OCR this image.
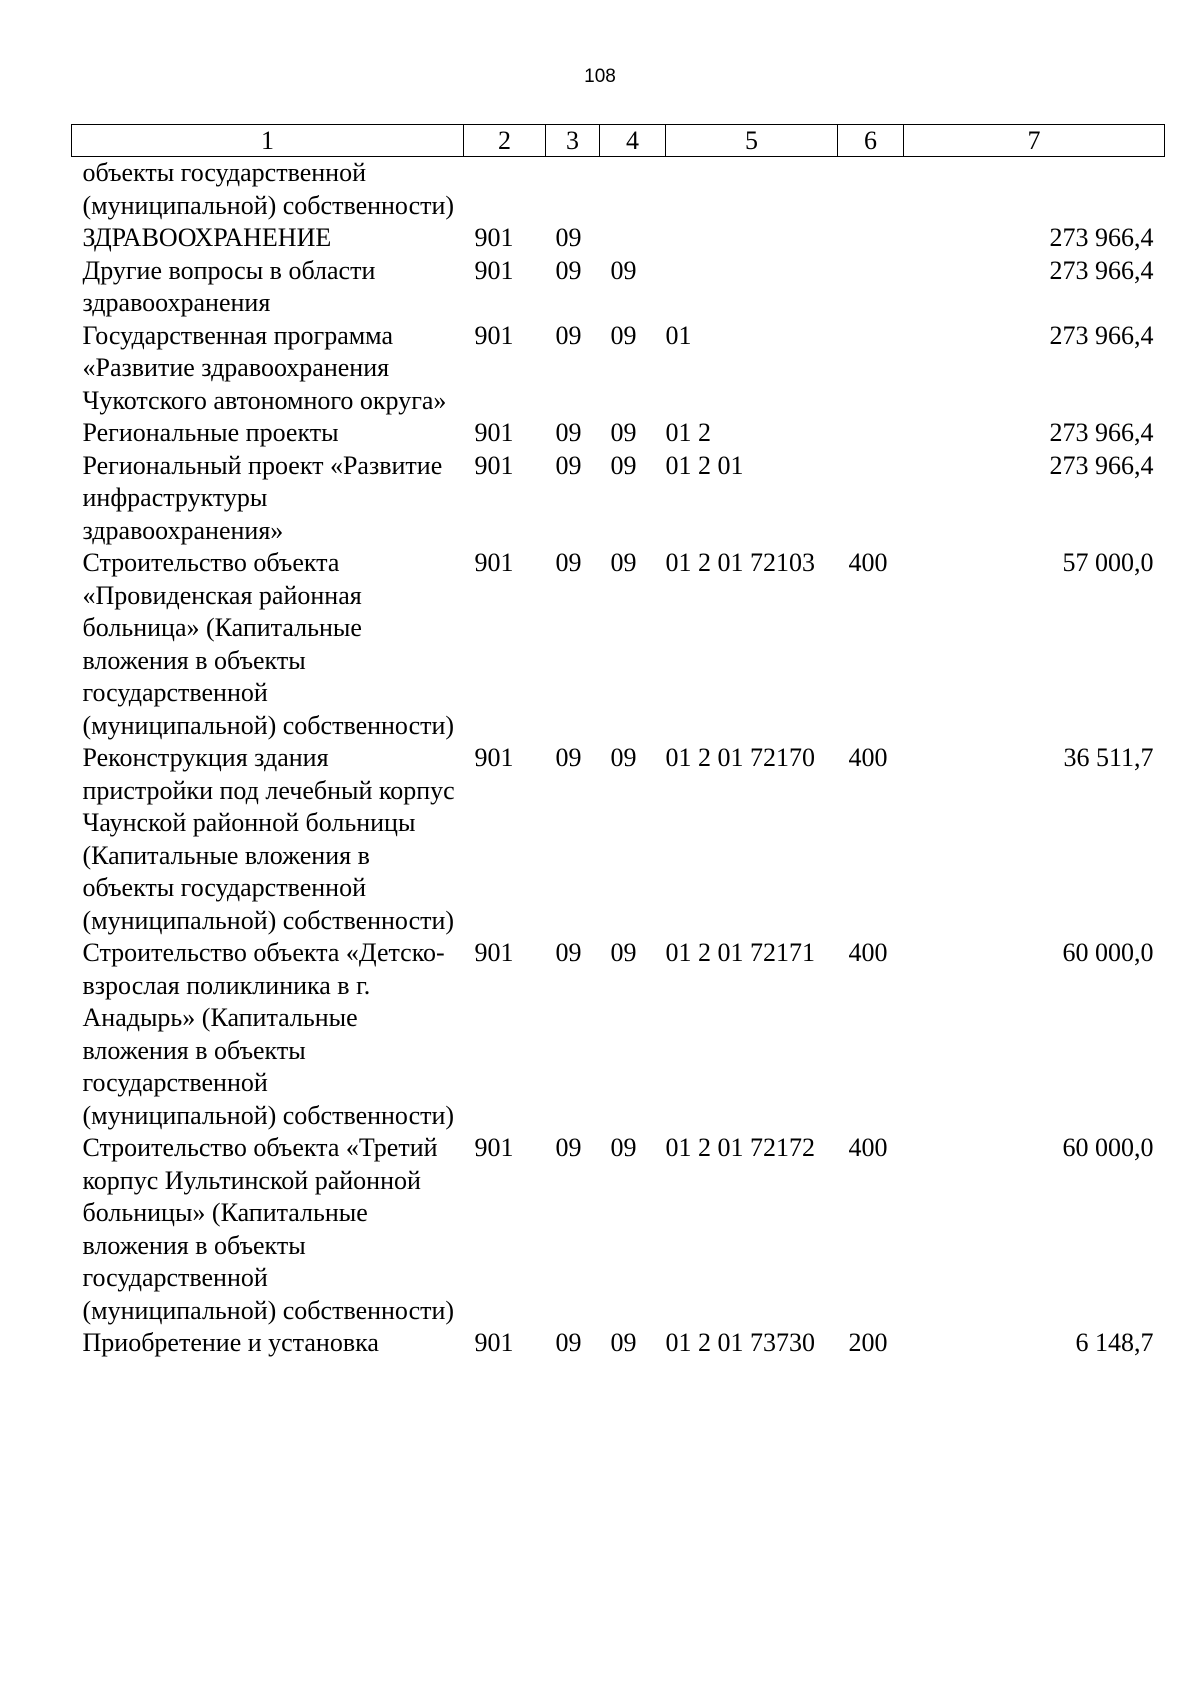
108
1	2	3	4	5	6	7
объекты государственной (муниципальной) собственности)						
ЗДРАВООХРАНЕНИЕ	901	09				273 966,4
Другие вопросы в области здравоохранения	901	09	09			273 966,4
Государственная программа «Развитие здравоохранения Чукотского автономного округа»	901	09	09	01		273 966,4
Региональные проекты	901	09	09	01 2		273 966,4
Региональный проект «Развитие инфраструктуры здравоохранения»	901	09	09	01 2 01		273 966,4
Строительство объекта «Провиденская районная больница» (Капитальные вложения в объекты государственной (муниципальной) собственности)	901	09	09	01 2 01 72103	400	57 000,0
Реконструкция здания пристройки под лечебный корпус Чаунской районной больницы (Капитальные вложения в объекты государственной (муниципальной) собственности)	901	09	09	01 2 01 72170	400	36 511,7
Строительство объекта «Детско-взрослая поликлиника в г. Анадырь» (Капитальные вложения в объекты государственной (муниципальной) собственности)	901	09	09	01 2 01 72171	400	60 000,0
Строительство объекта «Третий корпус Иультинской районной больницы» (Капитальные вложения в объекты государственной (муниципальной) собственности)	901	09	09	01 2 01 72172	400	60 000,0
Приобретение и установка	901	09	09	01 2 01 73730	200	6 148,7
